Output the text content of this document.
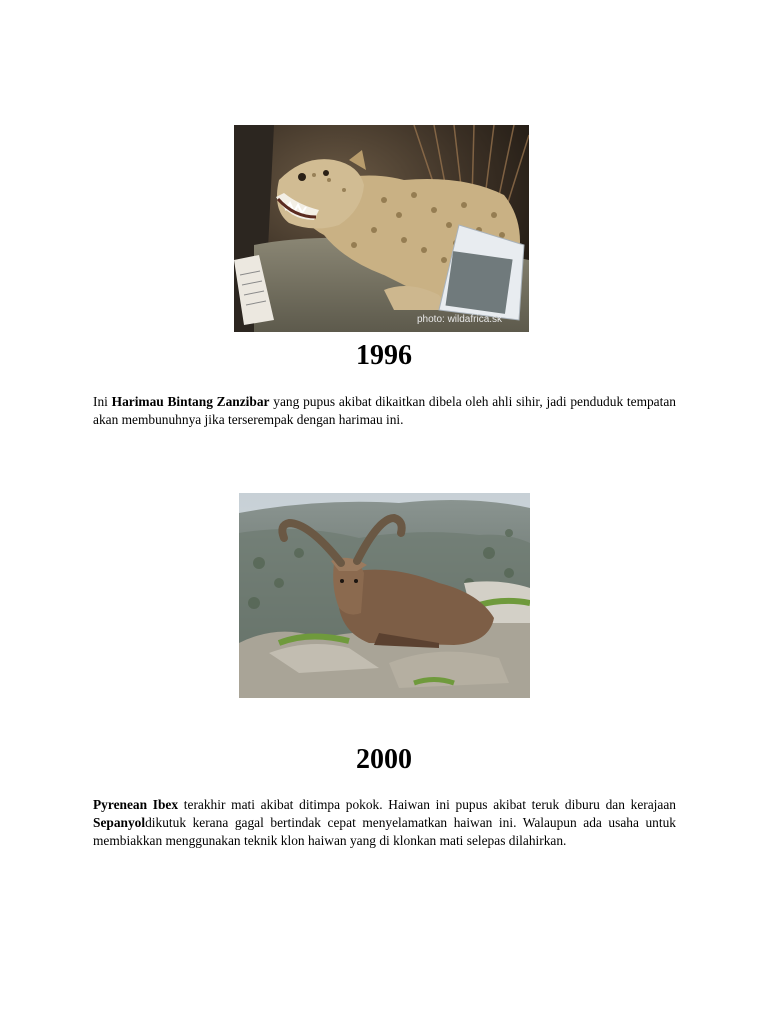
photo: wildafrica.sk
1996

Ini Harimau Bintang Zanzibar yang pupus akibat dikaitkan dibela oleh ahli sihir, jadi penduduk tempatan akan membunuhnya jika terserempak dengan harimau ini.

2000

Pyrenean Ibex terakhir mati akibat ditimpa pokok. Haiwan ini pupus akibat teruk diburu dan kerajaan Sepanyoldikutuk kerana gagal bertindak cepat menyelamatkan haiwan ini. Walaupun ada usaha untuk membiakkan menggunakan teknik klon haiwan yang di klonkan mati selepas dilahirkan.
